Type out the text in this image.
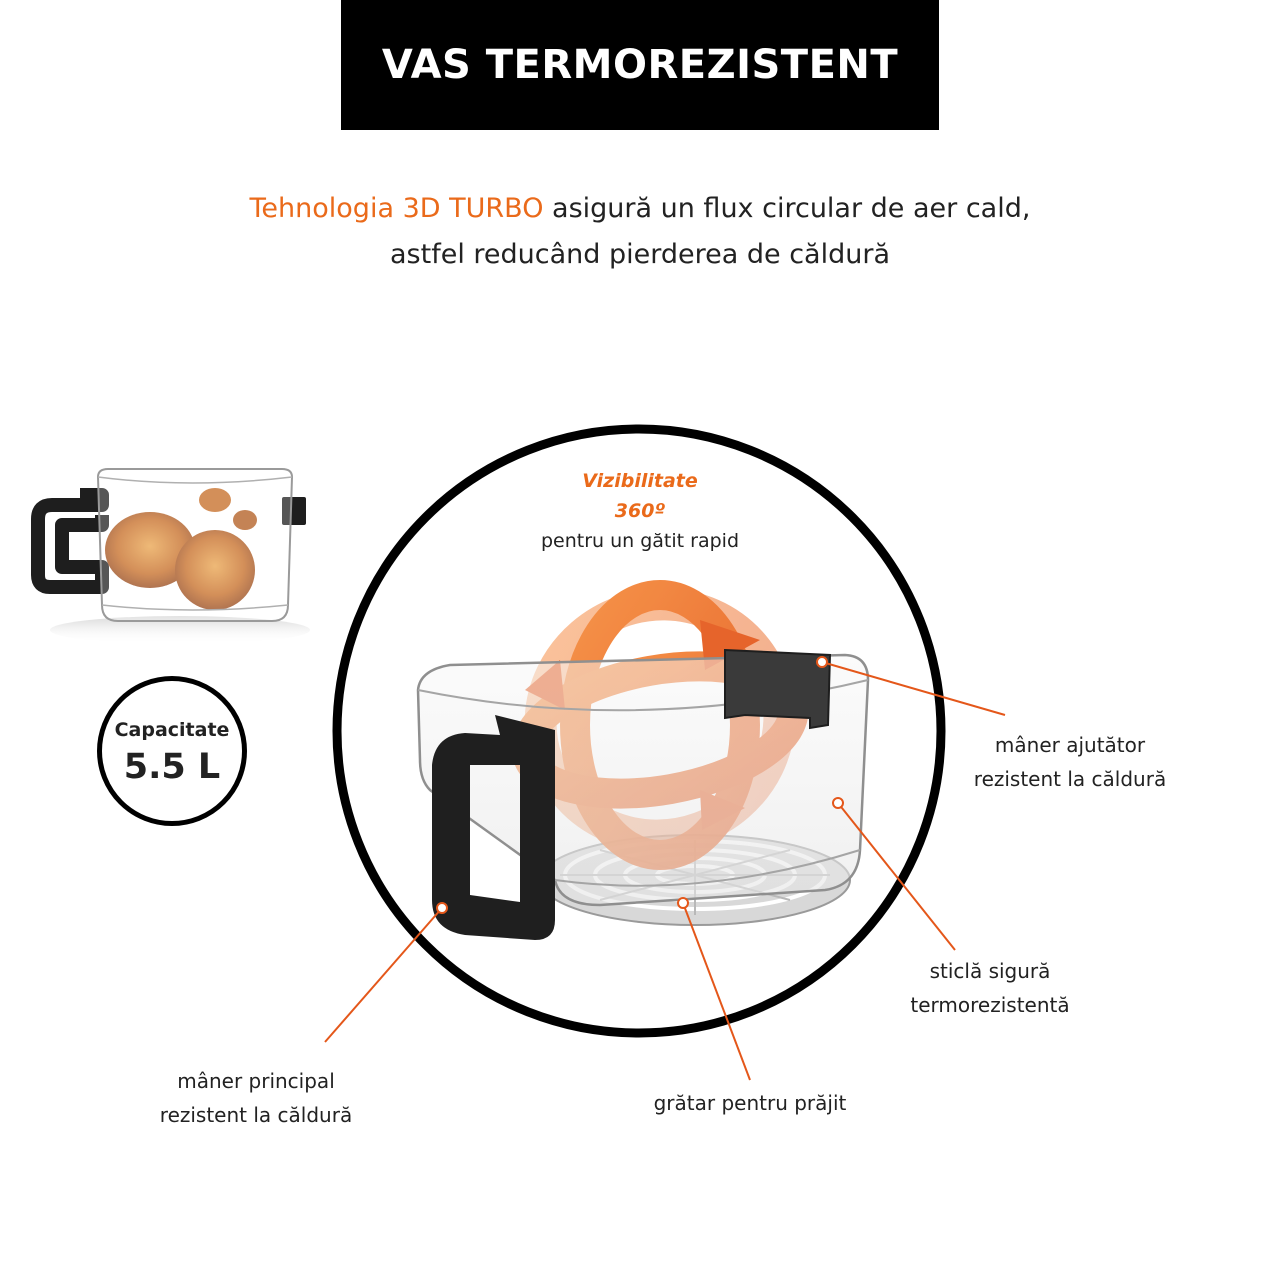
VAS TERMOREZISTENT
Tehnologia 3D TURBO asigură un flux circular de aer cald,
astfel reducând pierderea de căldură
Capacitate
5.5 L
Vizibilitate
360º
pentru un gătit rapid
mâner ajutător
rezistent la căldură
sticlă sigură
termorezistentă
mâner principal
rezistent la căldură	grătar pentru prăjit
